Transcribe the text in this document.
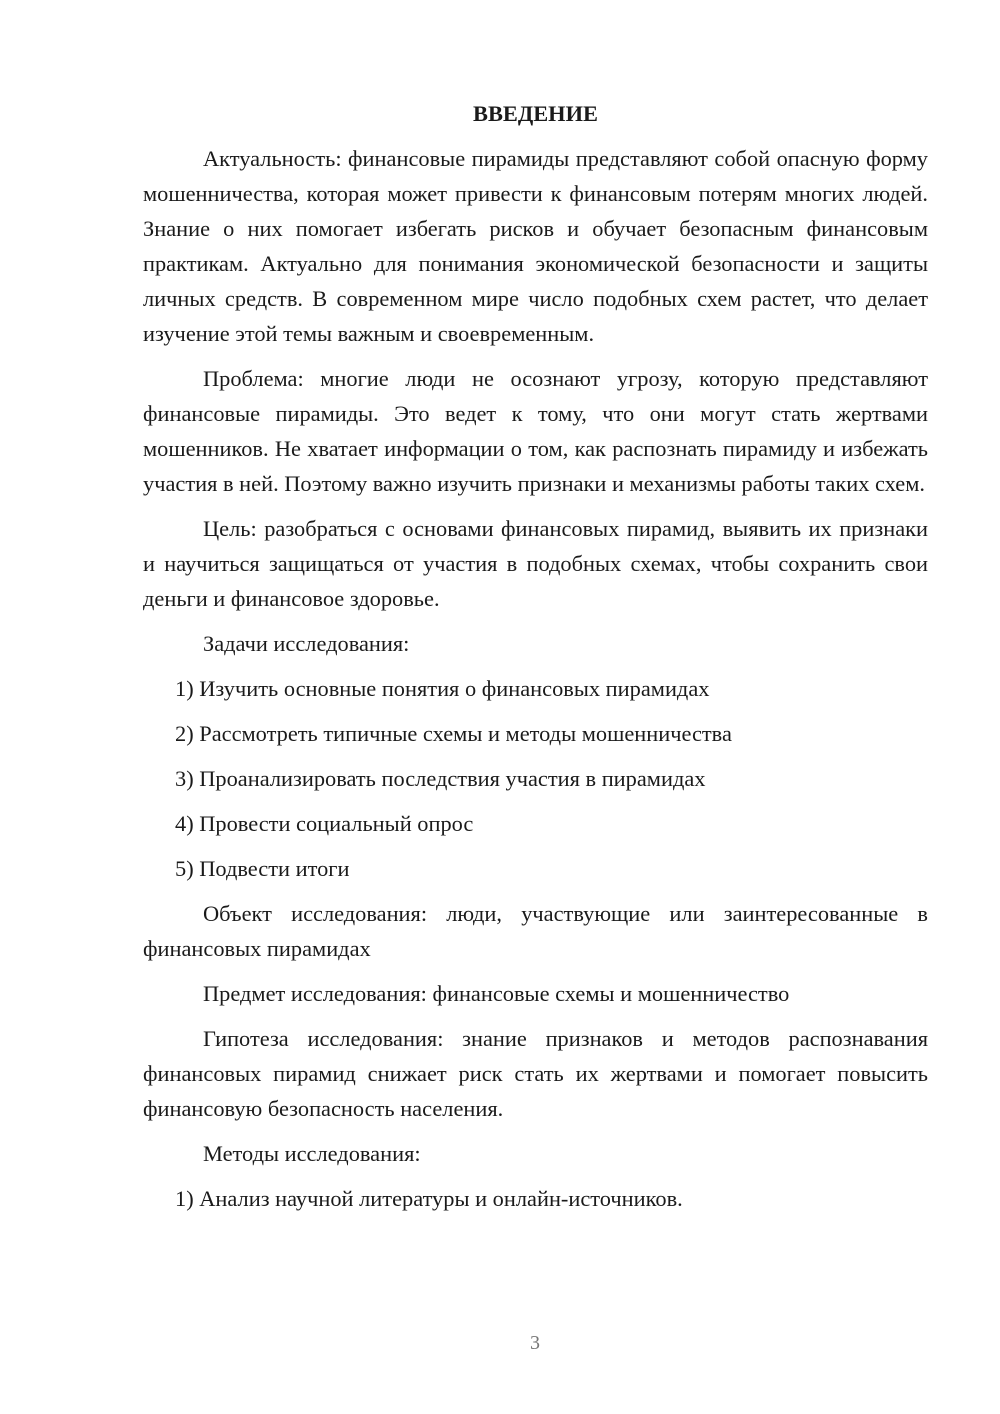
ВВЕДЕНИЕ

Актуальность: финансовые пирамиды представляют собой опасную форму мошенничества, которая может привести к финансовым потерям многих людей. Знание о них помогает избегать рисков и обучает безопасным финансовым практикам. Актуально для понимания экономической безопасности и защиты личных средств. В современном мире число подобных схем растет, что делает изучение этой темы важным и своевременным.

Проблема: многие люди не осознают угрозу, которую представляют финансовые пирамиды. Это ведет к тому, что они могут стать жертвами мошенников. Не хватает информации о том, как распознать пирамиду и избежать участия в ней. Поэтому важно изучить признаки и механизмы работы таких схем.

Цель: разобраться с основами финансовых пирамид, выявить их признаки и научиться защищаться от участия в подобных схемах, чтобы сохранить свои деньги и финансовое здоровье.

Задачи исследования:

1) Изучить основные понятия о финансовых пирамидах
2) Рассмотреть типичные схемы и методы мошенничества
3) Проанализировать последствия участия в пирамидах
4) Провести социальный опрос
5) Подвести итоги

Объект исследования: люди, участвующие или заинтересованные в финансовых пирамидах

Предмет исследования: финансовые схемы и мошенничество

Гипотеза исследования: знание признаков и методов распознавания финансовых пирамид снижает риск стать их жертвами и помогает повысить финансовую безопасность населения.

Методы исследования:

1) Анализ научной литературы и онлайн-источников.
3
